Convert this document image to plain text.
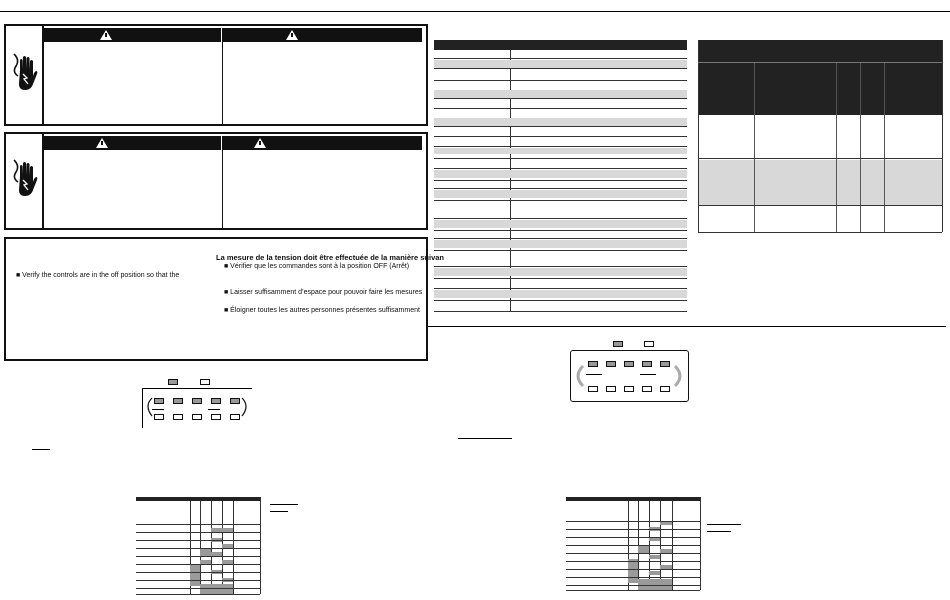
■ Verify the controls are in the off position so that the
La mesure de la tension doit être effectuée de la manière suivan
■ Vérifier que les commandes sont à la position OFF (Arrêt)
■ Laisser suffisamment d’espace pour pouvoir faire les mesures
■ Éloigner toutes les autres personnes présentes suffisamment
